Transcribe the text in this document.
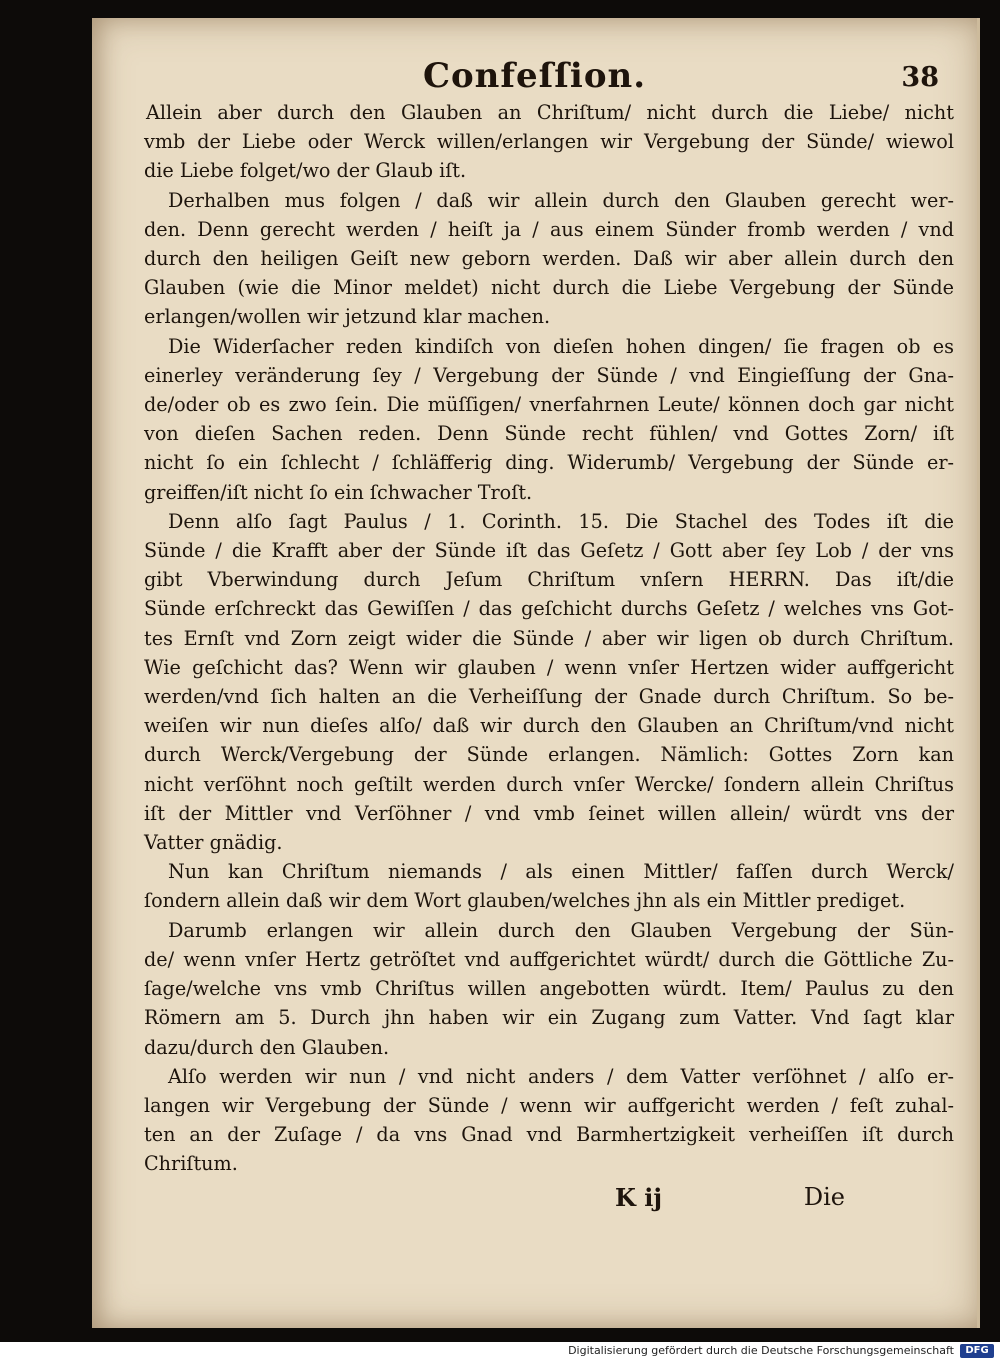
Confeſſion.	38

Allein aber durch den Glauben an Chriſtum/ nicht durch die Liebe/ nicht
vmb der Liebe oder Werck willen/erlangen wir Vergebung der Sünde/ wiewol
die Liebe folget/wo der Glaub iſt.

Derhalben mus folgen / daß wir allein durch den Glauben gerecht wer-
den. Denn gerecht werden / heiſt ja / aus einem Sünder fromb werden / vnd
durch den heiligen Geiſt new geborn werden. Daß wir aber allein durch den
Glauben (wie die Minor meldet) nicht durch die Liebe Vergebung der Sünde
erlangen/wollen wir jetzund klar machen.

Die Widerſacher reden kindiſch von dieſen hohen dingen/ ſie fragen ob es
einerley veränderung ſey / Vergebung der Sünde / vnd Eingieſſung der Gna-
de/oder ob es zwo ſein. Die müſſigen/ vnerfahrnen Leute/ können doch gar nicht
von dieſen Sachen reden. Denn Sünde recht fühlen/ vnd Gottes Zorn/ iſt
nicht ſo ein ſchlecht / ſchläfferig ding. Widerumb/ Vergebung der Sünde er-
greiffen/iſt nicht ſo ein ſchwacher Troſt.

Denn alſo ſagt Paulus / 1. Corinth. 15. Die Stachel des Todes iſt die
Sünde / die Krafft aber der Sünde iſt das Geſetz / Gott aber ſey Lob / der vns
gibt Vberwindung durch Jeſum Chriſtum vnſern HERRN. Das iſt/die
Sünde erſchreckt das Gewiſſen / das geſchicht durchs Geſetz / welches vns Got-
tes Ernſt vnd Zorn zeigt wider die Sünde / aber wir ligen ob durch Chriſtum.
Wie geſchicht das? Wenn wir glauben / wenn vnſer Hertzen wider auffgericht
werden/vnd ſich halten an die Verheiſſung der Gnade durch Chriſtum. So be-
weiſen wir nun dieſes alſo/ daß wir durch den Glauben an Chriſtum/vnd nicht
durch Werck/Vergebung der Sünde erlangen. Nämlich: Gottes Zorn kan
nicht verſöhnt noch geſtilt werden durch vnſer Wercke/ ſondern allein Chriſtus
iſt der Mittler vnd Verſöhner / vnd vmb ſeinet willen allein/ würdt vns der
Vatter gnädig.

Nun kan Chriſtum niemands / als einen Mittler/ faſſen durch Werck/
ſondern allein daß wir dem Wort glauben/welches jhn als ein Mittler prediget.

Darumb erlangen wir allein durch den Glauben Vergebung der Sün-
de/ wenn vnſer Hertz getröſtet vnd auffgerichtet würdt/ durch die Göttliche Zu-
ſage/welche vns vmb Chriſtus willen angebotten würdt. Item/ Paulus zu den
Römern am 5. Durch jhn haben wir ein Zugang zum Vatter. Vnd ſagt klar
dazu/durch den Glauben.

Alſo werden wir nun / vnd nicht anders / dem Vatter verſöhnet / alſo er-
langen wir Vergebung der Sünde / wenn wir auffgericht werden / feſt zuhal-
ten an der Zuſage / da vns Gnad vnd Barmhertzigkeit verheiſſen iſt durch
Chriſtum.

K ij	Die
Digitalisierung gefördert durch die Deutsche Forschungsgemeinschaft	DFG
